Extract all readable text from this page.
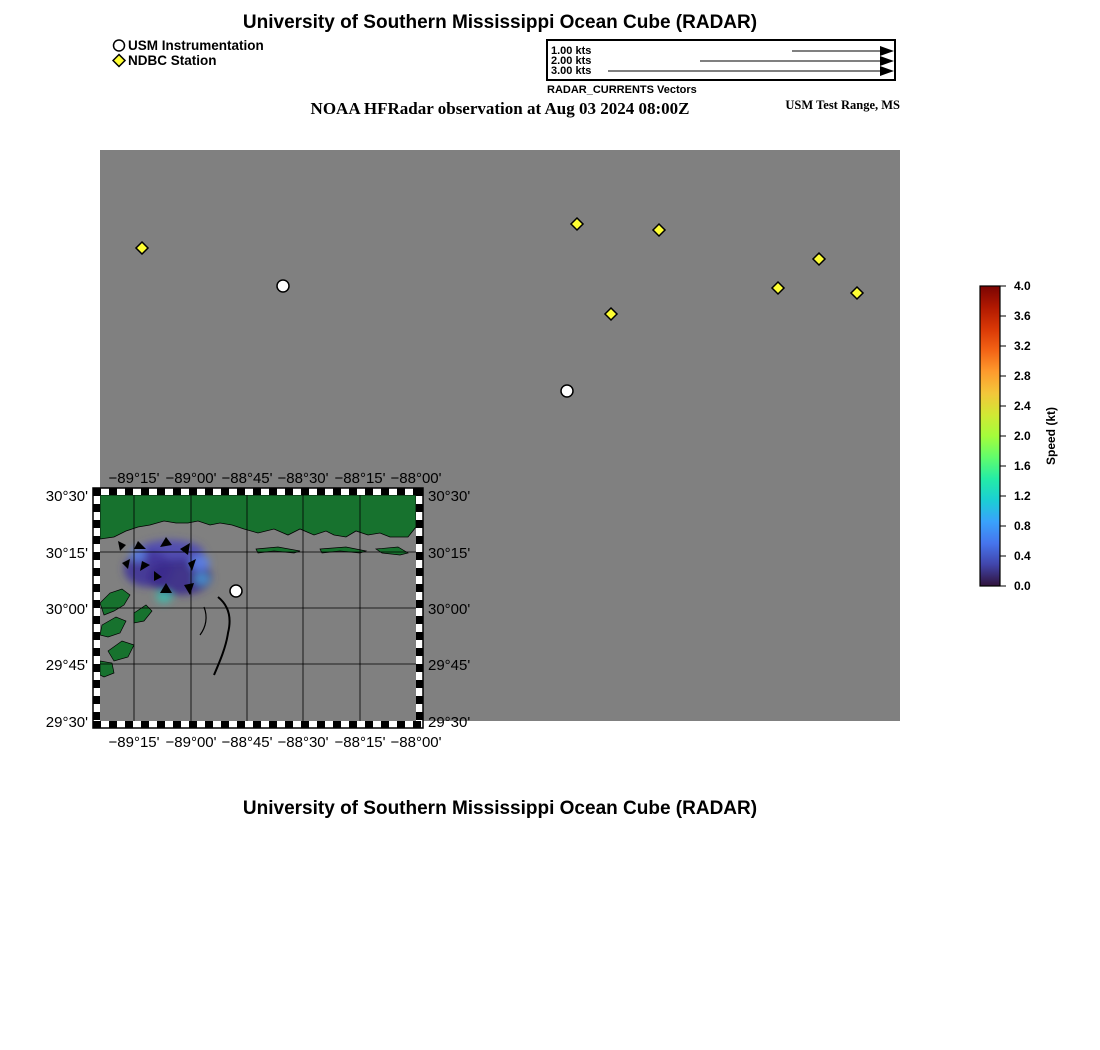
University of Southern Mississippi Ocean Cube (RADAR)
USM Instrumentation
NDBC Station
1.00 kts
2.00 kts
3.00 kts
RADAR_CURRENTS Vectors
NOAA HFRadar observation at Aug 03 2024 08:00Z	USM Test Range, MS
−89°15' −89°00' −88°45' −88°30' −88°15' −88°00'
−89°15' −89°00' −88°45' −88°30' −88°15' −88°00'
30°30'
30°15'
30°00'
29°45'
29°30'
30°30'
30°15'
30°00'
29°45'
29°30'
4.0
3.6
3.2
2.8
2.4
2.0
1.6
1.2
0.8
0.4
0.0
Speed (kt)
University of Southern Mississippi Ocean Cube (RADAR)
